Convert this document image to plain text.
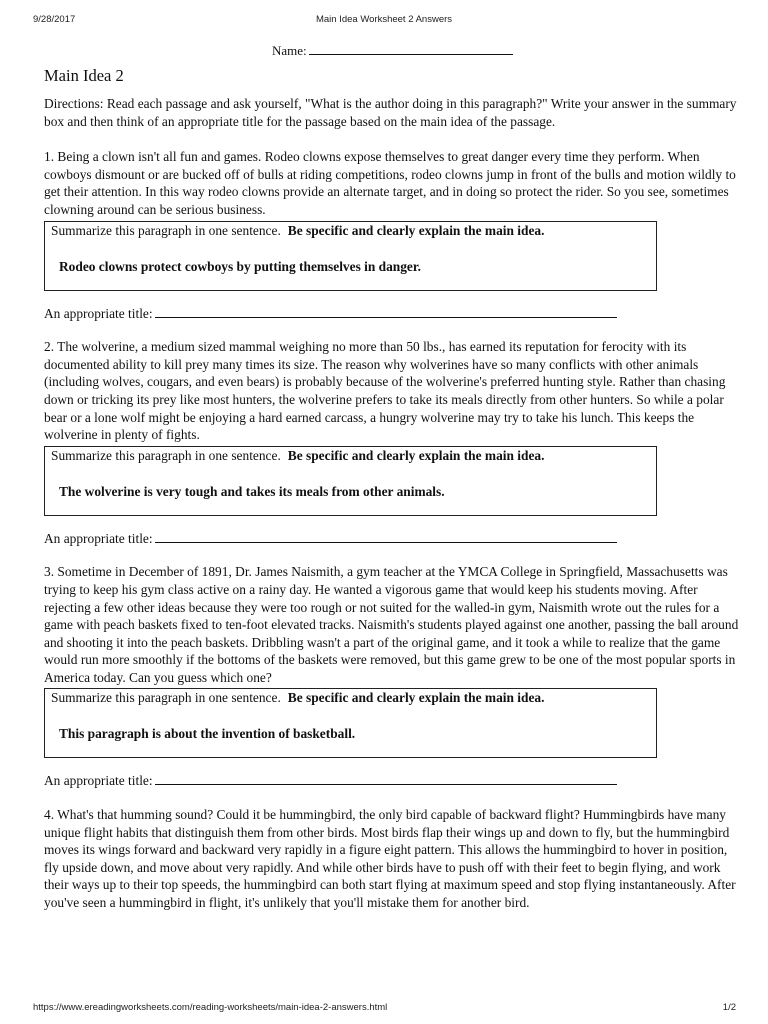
9/28/2017	Main Idea Worksheet 2 Answers
Name:
Main Idea 2

Directions: Read each passage and ask yourself, "What is the author doing in this paragraph?" Write your answer in the summary box and then think of an appropriate title for the passage based on the main idea of the passage.

1. Being a clown isn't all fun and games. Rodeo clowns expose themselves to great danger every time they perform. When cowboys dismount or are bucked off of bulls at riding competitions, rodeo clowns jump in front of the bulls and motion wildly to get their attention. In this way rodeo clowns provide an alternate target, and in doing so protect the rider. So you see, sometimes clowning around can be serious business.

Summarize this paragraph in one sentence. Be specific and clearly explain the main idea.
Rodeo clowns protect cowboys by putting themselves in danger.
An appropriate title:

2. The wolverine, a medium sized mammal weighing no more than 50 lbs., has earned its reputation for ferocity with its documented ability to kill prey many times its size. The reason why wolverines have so many conflicts with other animals (including wolves, cougars, and even bears) is probably because of the wolverine's preferred hunting style. Rather than chasing down or tricking its prey like most hunters, the wolverine prefers to take its meals directly from other hunters. So while a polar bear or a lone wolf might be enjoying a hard earned carcass, a hungry wolverine may try to take his lunch. This keeps the wolverine in plenty of fights.

Summarize this paragraph in one sentence. Be specific and clearly explain the main idea.
The wolverine is very tough and takes its meals from other animals.
An appropriate title:

3. Sometime in December of 1891, Dr. James Naismith, a gym teacher at the YMCA College in Springfield, Massachusetts was trying to keep his gym class active on a rainy day. He wanted a vigorous game that would keep his students moving. After rejecting a few other ideas because they were too rough or not suited for the walled-in gym, Naismith wrote out the rules for a game with peach baskets fixed to ten-foot elevated tracks. Naismith's students played against one another, passing the ball around and shooting it into the peach baskets. Dribbling wasn't a part of the original game, and it took a while to realize that the game would run more smoothly if the bottoms of the baskets were removed, but this game grew to be one of the most popular sports in America today. Can you guess which one?

Summarize this paragraph in one sentence. Be specific and clearly explain the main idea.
This paragraph is about the invention of basketball.
An appropriate title:

4. What's that humming sound? Could it be hummingbird, the only bird capable of backward flight? Hummingbirds have many unique flight habits that distinguish them from other birds. Most birds flap their wings up and down to fly, but the hummingbird moves its wings forward and backward very rapidly in a figure eight pattern. This allows the hummingbird to hover in position, fly upside down, and move about very rapidly. And while other birds have to push off with their feet to begin flying, and work their ways up to their top speeds, the hummingbird can both start flying at maximum speed and stop flying instantaneously. After you've seen a hummingbird in flight, it's unlikely that you'll mistake them for another bird.

https://www.ereadingworksheets.com/reading-worksheets/main-idea-2-answers.html	1/2
